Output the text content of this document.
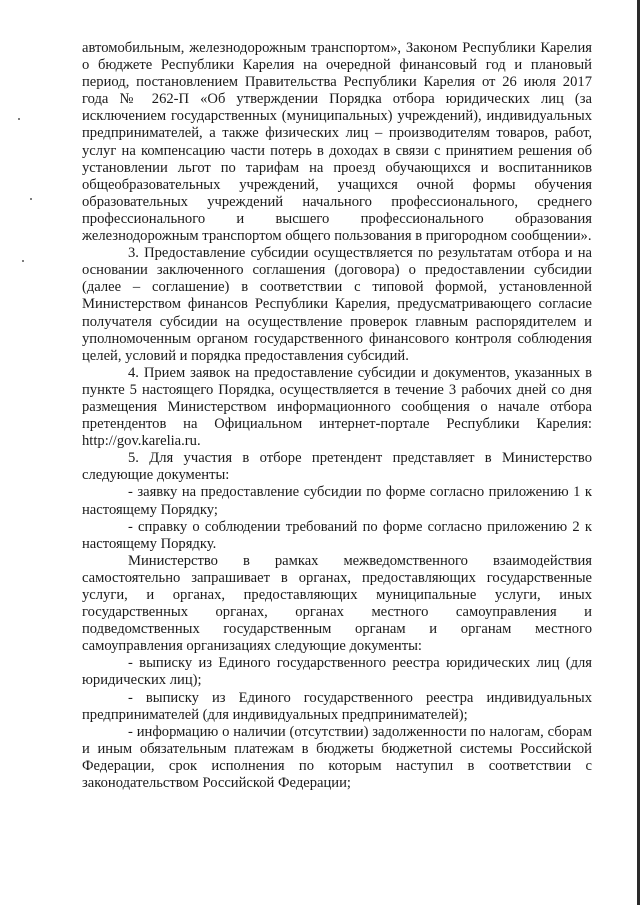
автомобильным, железнодорожным транспортом», Законом Республики Карелия о бюджете Республики Карелия на очередной финансовый год и плановый период, постановлением Правительства Республики Карелия от 26 июля 2017 года № 262-П «Об утверждении Порядка отбора юридических лиц (за исключением государственных (муниципальных) учреждений), индивидуальных предпринимателей, а также физических лиц – производителям товаров, работ, услуг на компенсацию части потерь в доходах в связи с принятием решения об установлении льгот по тарифам на проезд обучающихся и воспитанников общеобразовательных учреждений, учащихся очной формы обучения образовательных учреждений начального профессионального, среднего профессионального и высшего профессионального образования железнодорожным транспортом общего пользования в пригородном сообщении».

3. Предоставление субсидии осуществляется по результатам отбора и на основании заключенного соглашения (договора) о предоставлении субсидии (далее – соглашение) в соответствии с типовой формой, установленной Министерством финансов Республики Карелия, предусматривающего согласие получателя субсидии на осуществление проверок главным распорядителем и уполномоченным органом государственного финансового контроля соблюдения целей, условий и порядка предоставления субсидий.

4. Прием заявок на предоставление субсидии и документов, указанных в пункте 5 настоящего Порядка, осуществляется в течение 3 рабочих дней со дня размещения Министерством информационного сообщения о начале отбора претендентов на Официальном интернет-портале Республики Карелия: http://gov.karelia.ru.

5. Для участия в отборе претендент представляет в Министерство следующие документы:

- заявку на предоставление субсидии по форме согласно приложению 1 к настоящему Порядку;

- справку о соблюдении требований по форме согласно приложению 2 к настоящему Порядку.

Министерство в рамках межведомственного взаимодействия самостоятельно запрашивает в органах, предоставляющих государственные услуги, и органах, предоставляющих муниципальные услуги, иных государственных органах, органах местного самоуправления и подведомственных государственным органам и органам местного самоуправления организациях следующие документы:

- выписку из Единого государственного реестра юридических лиц (для юридических лиц);

- выписку из Единого государственного реестра индивидуальных предпринимателей (для индивидуальных предпринимателей);

- информацию о наличии (отсутствии) задолженности по налогам, сборам и иным обязательным платежам в бюджеты бюджетной системы Российской Федерации, срок исполнения по которым наступил в соответствии с законодательством Российской Федерации;
